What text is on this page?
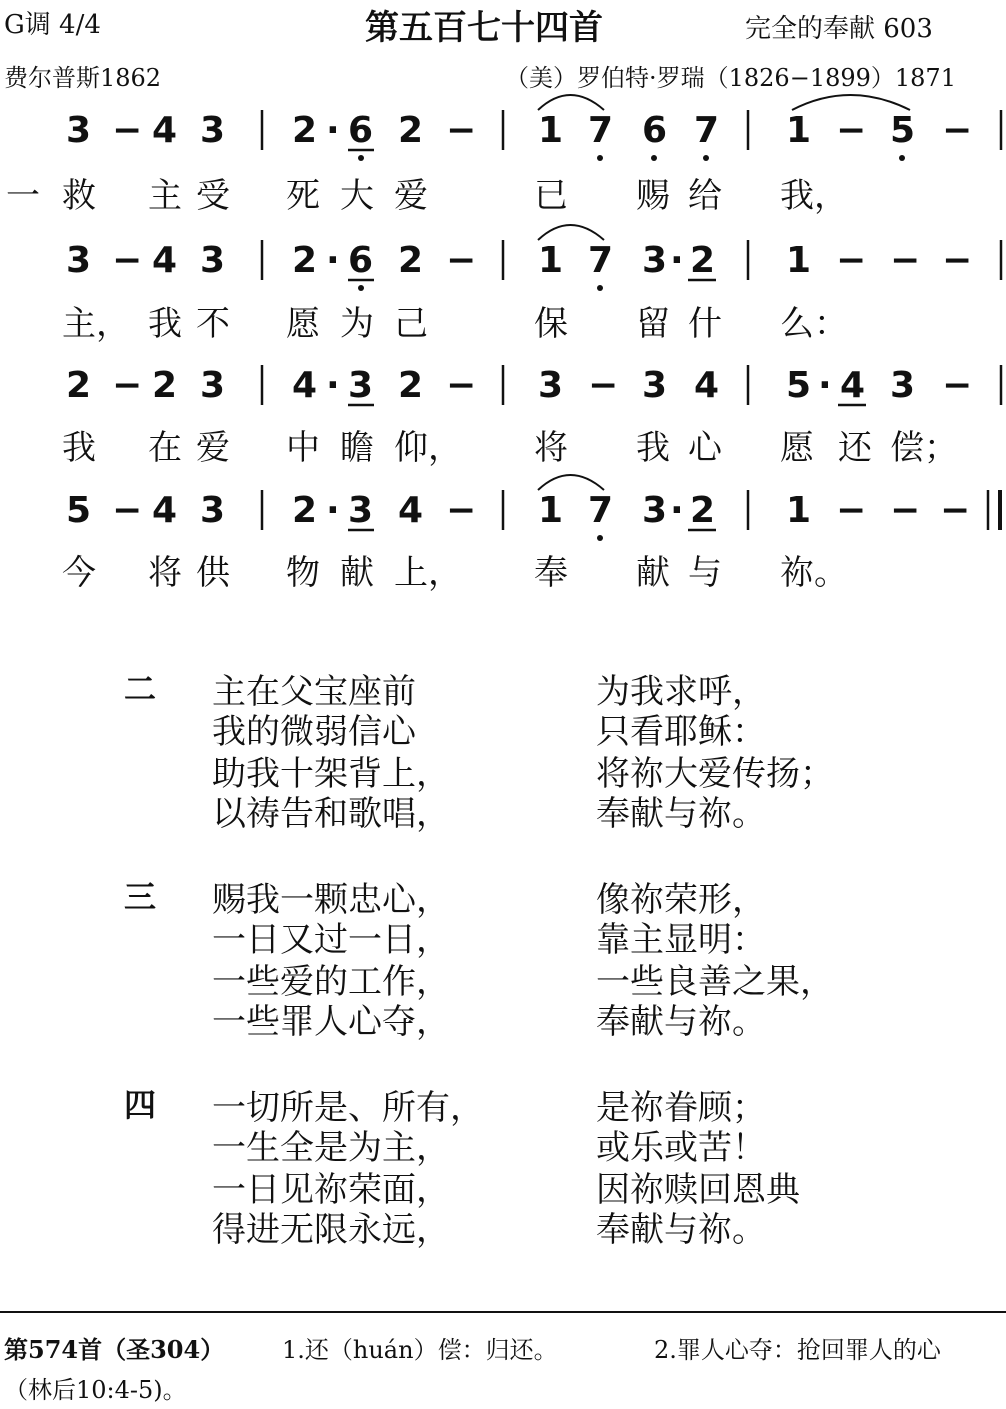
G调 4/4	第五百七十四首	完全的奉献 603
费尔普斯1862	（美）罗伯特·罗瑞（1826−1899）1871
3 − 4 3 2 · 6 2 − 1 7 6 7 1 − 5 −
一 救 主 受 死 大 爱	已 赐 给 我，
3 − 4 3 2 · 6 2 − 1 7 3 · 2 1 − − −
主， 我 不 愿 为 己	保 留 什 么：
2 − 2 3 4 · 3 2 − 3 − 3 4 5 · 4 3 −
我 在 爱 中 瞻 仰， 将 我 心 愿 还 偿；
5 − 4 3 2 · 3 4 − 1 7 3 · 2 1 − − −
今 将 供 物 献 上， 奉 献 与 祢。
二 主在父宝座前	为我求呼，
我的微弱信心	只看耶稣：
助我十架背上，	将祢大爱传扬；
以祷告和歌唱，	奉献与祢。
三 赐我一颗忠心，	像祢荣形，
一日又过一日，	靠主显明：
一些爱的工作，	一些良善之果，
一些罪人心夺，	奉献与祢。
四 一切所是、所有，	是祢眷顾；
一生全是为主，	或乐或苦！
一日见祢荣面，	因祢赎回恩典
得进无限永远，	奉献与祢。
第574首（圣304） 1.还（huán）偿：归还。	2.罪人心夺：抢回罪人的心
（林后10:4-5)。
